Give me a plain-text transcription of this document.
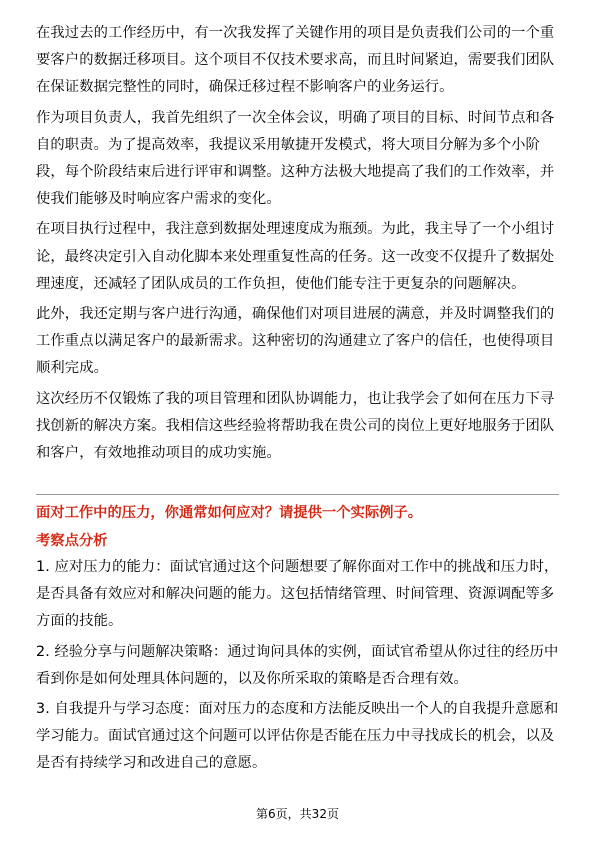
在我过去的工作经历中，有一次我发挥了关键作用的项目是负责我们公司的一个重
要客户的数据迁移项目。这个项目不仅技术要求高，而且时间紧迫，需要我们团队
在保证数据完整性的同时，确保迁移过程不影响客户的业务运行。

作为项目负责人，我首先组织了一次全体会议，明确了项目的目标、时间节点和各
自的职责。为了提高效率，我提议采用敏捷开发模式，将大项目分解为多个小阶
段，每个阶段结束后进行评审和调整。这种方法极大地提高了我们的工作效率，并
使我们能够及时响应客户需求的变化。

在项目执行过程中，我注意到数据处理速度成为瓶颈。为此，我主导了一个小组讨
论，最终决定引入自动化脚本来处理重复性高的任务。这一改变不仅提升了数据处
理速度，还减轻了团队成员的工作负担，使他们能专注于更复杂的问题解决。

此外，我还定期与客户进行沟通，确保他们对项目进展的满意，并及时调整我们的
工作重点以满足客户的最新需求。这种密切的沟通建立了客户的信任，也使得项目
顺利完成。

这次经历不仅锻炼了我的项目管理和团队协调能力，也让我学会了如何在压力下寻
找创新的解决方案。我相信这些经验将帮助我在贵公司的岗位上更好地服务于团队
和客户，有效地推动项目的成功实施。

面对工作中的压力，你通常如何应对？请提供一个实际例子。

考察点分析

1. 应对压力的能力：面试官通过这个问题想要了解你面对工作中的挑战和压力时，
是否具备有效应对和解决问题的能力。这包括情绪管理、时间管理、资源调配等多
方面的技能。

2. 经验分享与问题解决策略：通过询问具体的实例，面试官希望从你过往的经历中
看到你是如何处理具体问题的，以及你所采取的策略是否合理有效。

3. 自我提升与学习态度：面对压力的态度和方法能反映出一个人的自我提升意愿和
学习能力。面试官通过这个问题可以评估你是否能在压力中寻找成长的机会，以及
是否有持续学习和改进自己的意愿。

第6页，共32页
